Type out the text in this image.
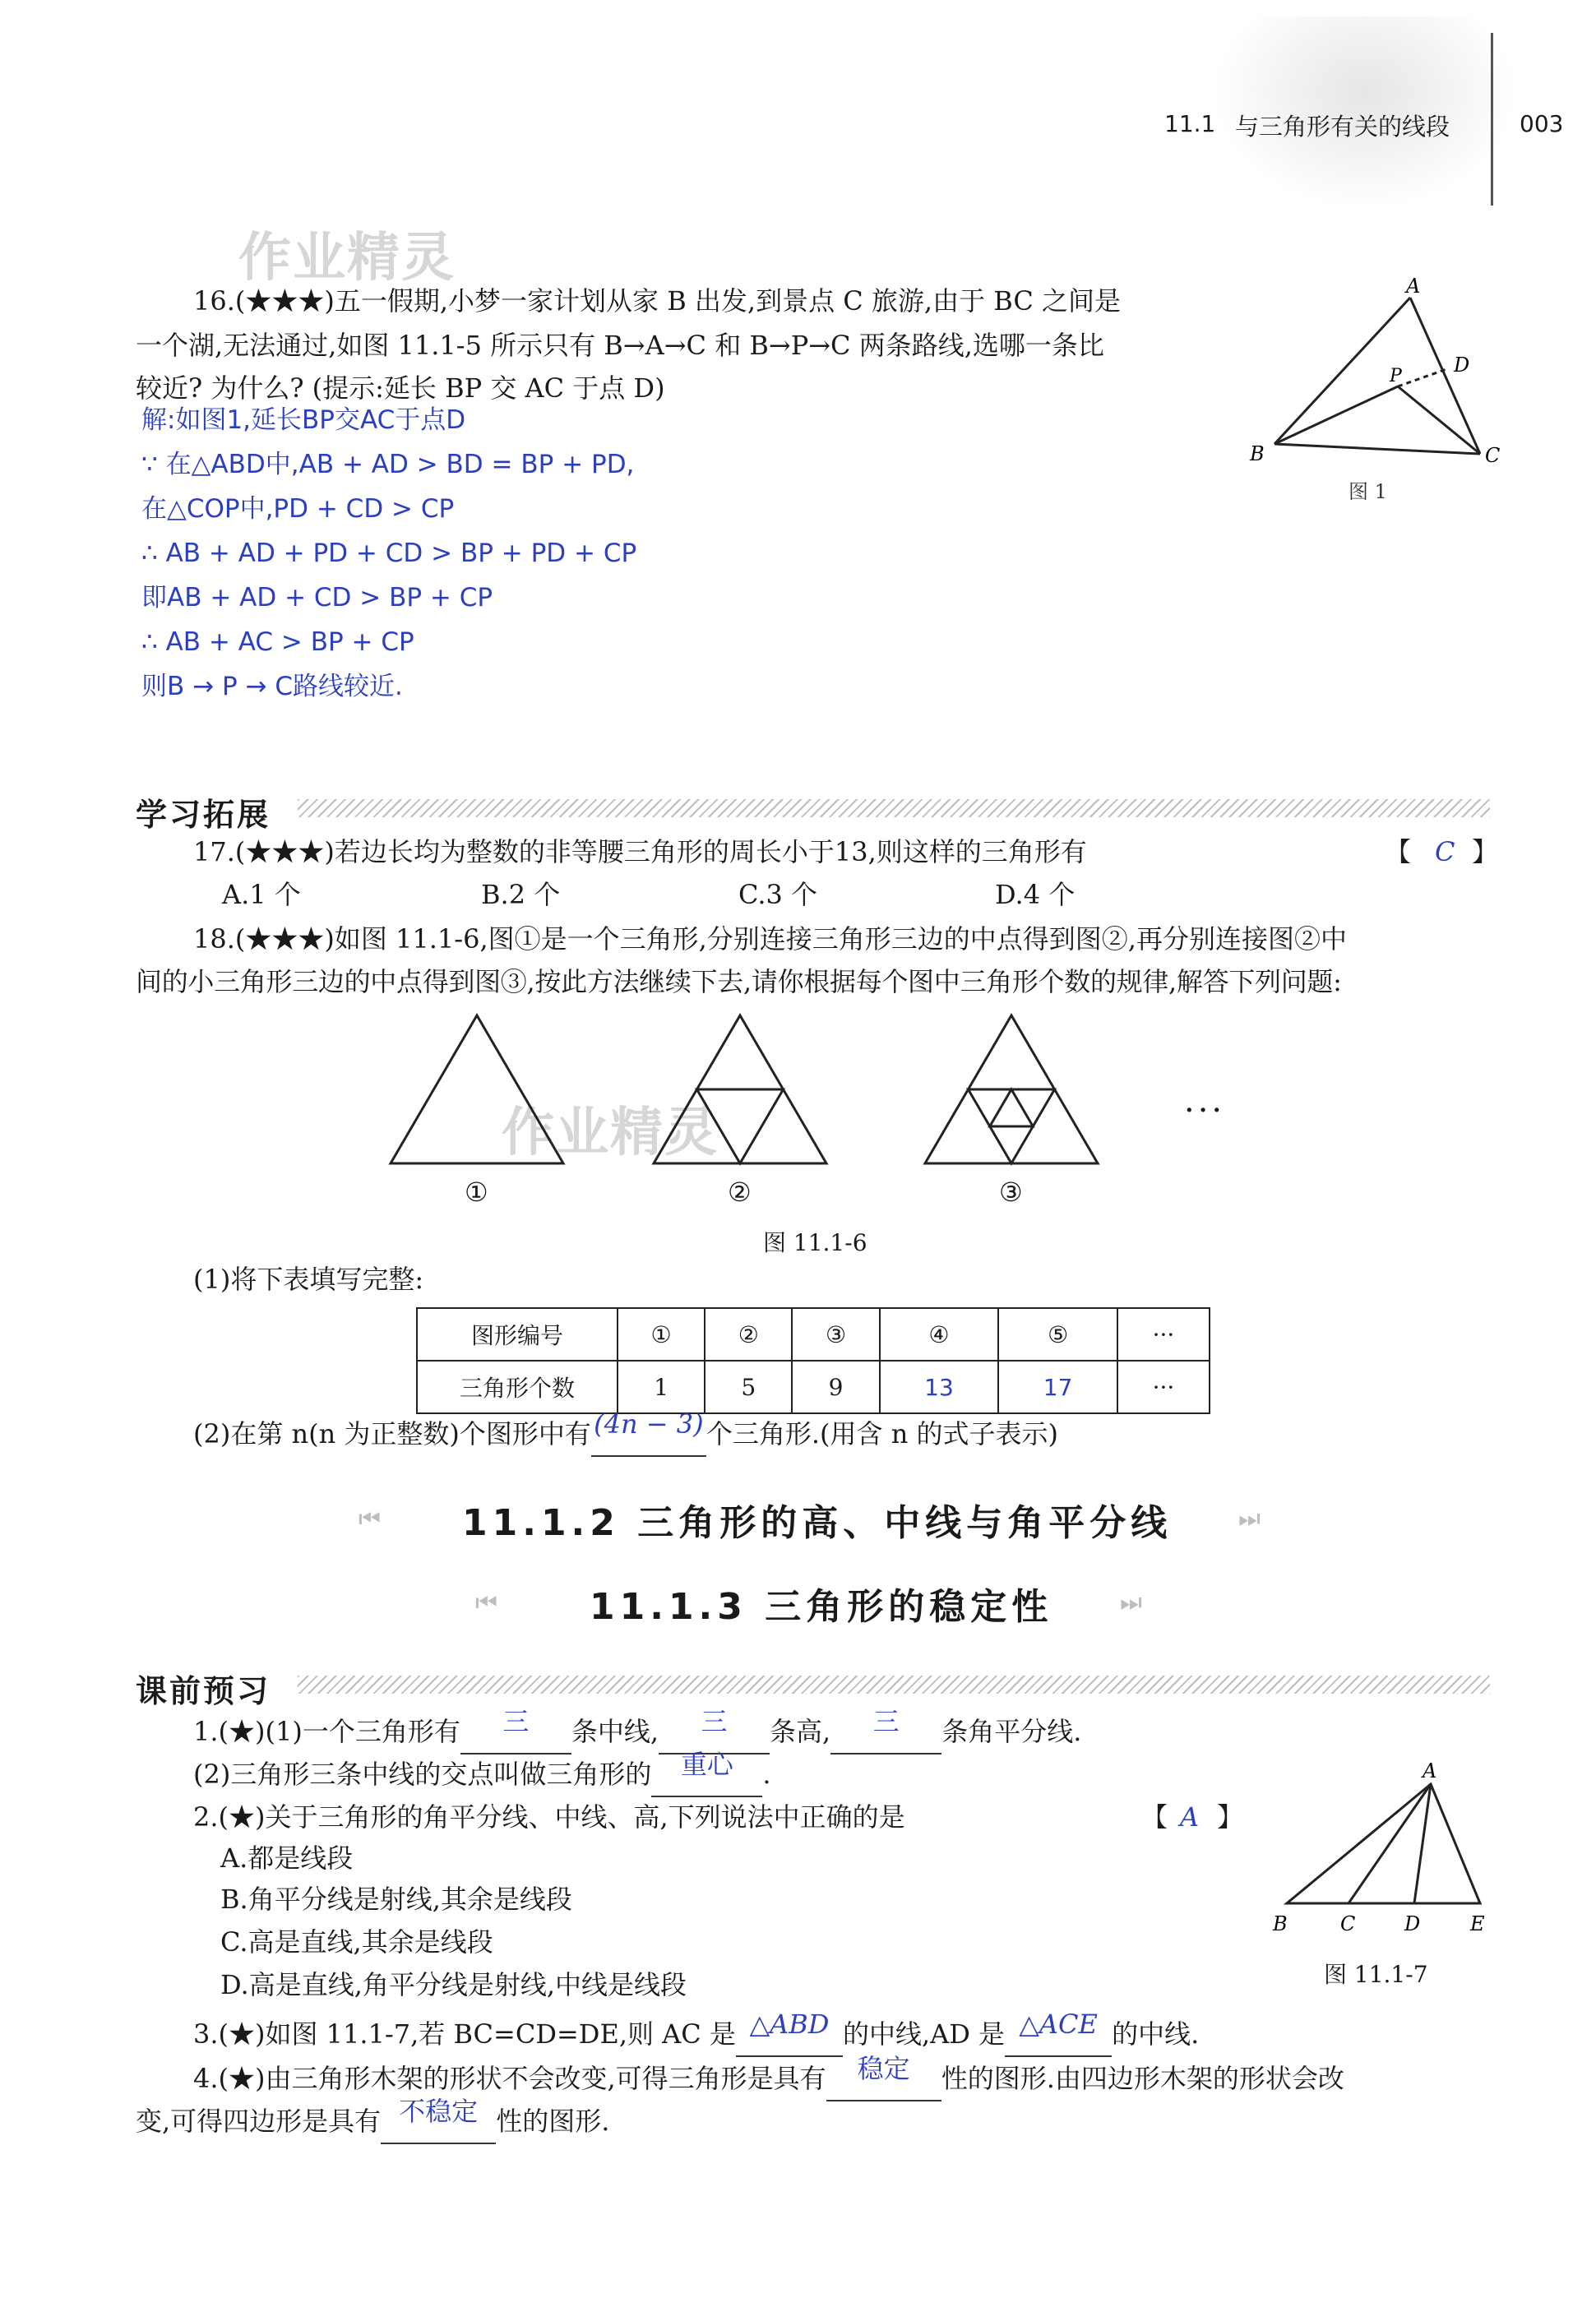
11.1 与三角形有关的线段	003
作业精灵
作业精灵
16.(★★★)五一假期,小梦一家计划从家 B 出发,到景点 C 旅游,由于 BC 之间是
一个湖,无法通过,如图 11.1-5 所示只有 B→A→C 和 B→P→C 两条路线,选哪一条比
较近? 为什么? (提示:延长 BP 交 AC 于点 D)
解:如图1,延长BP交AC于点D
∵ 在△ABD中,AB + AD > BD = BP + PD,
在△COP中,PD + CD > CP
∴ AB + AD + PD + CD > BP + PD + CP
即AB + AD + CD > BP + CP
∴ AB + AC > BP + CP
则B → P → C路线较近.
A
B	C
D
P
图 1
学习拓展
17.(★★★)若边长均为整数的非等腰三角形的周长小于13,则这样的三角形有	【 C 】
A.1 个	B.2 个	C.3 个	D.4 个
18.(★★★)如图 11.1-6,图①是一个三角形,分别连接三角形三边的中点得到图②,再分别连接图②中
间的小三角形三边的中点得到图③,按此方法继续下去,请你根据每个图中三角形个数的规律,解答下列问题:
①	②	③
···
图 11.1-6
(1)将下表填写完整:
图形编号	①	②	③	④	⑤	···
三角形个数	1	5	9	13	17	···
(2)在第 n(n 为正整数)个图形中有 (4n − 3) 个三角形.(用含 n 的式子表示)
⏮ 11.1.2 三角形的高、中线与角平分线	⏭
⏮	11.1.3 三角形的稳定性	⏭
课前预习
1.(★)(1)一个三角形有 三 条中线, 三 条高, 三 条角平分线.
(2)三角形三条中线的交点叫做三角形的 重心 .
2.(★)关于三角形的角平分线、中线、高,下列说法中正确的是	【 A 】
A.都是线段
B.角平分线是射线,其余是线段
C.高是直线,其余是线段
D.高是直线,角平分线是射线,中线是线段
A
B	C D	E
图 11.1-7
3.(★)如图 11.1-7,若 BC=CD=DE,则 AC 是 △ABD 的中线,AD 是 △ACE 的中线.
4.(★)由三角形木架的形状不会改变,可得三角形是具有 稳定 性的图形.由四边形木架的形状会改
变,可得四边形是具有 不稳定 性的图形.
